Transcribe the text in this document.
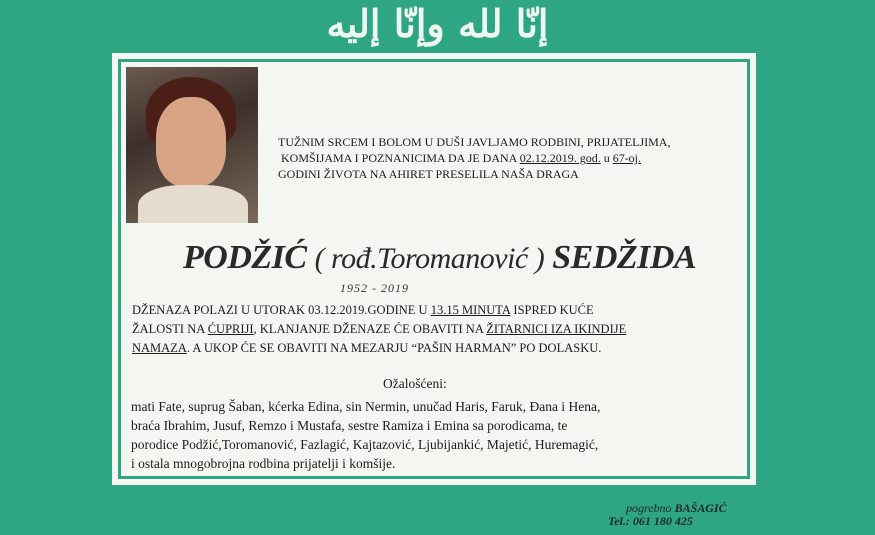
إنّا لله وإنّا إليه
TUŽNIM SRCEM I BOLOM U DUŠI JAVLJAMO RODBINI, PRIJATELJIMA,
KOMŠIJAMA I POZNANICIMA DA JE DANA 02.12.2019. god. u 67-oj.
GODINI ŽIVOTA NA AHIRET PRESELILA NAŠA DRAGA
PODŽIĆ ( rođ.Toromanović ) SEDŽIDA
1952 - 2019
DŽENAZA POLAZI U UTORAK 03.12.2019.GODINE U 13.15 MINUTA ISPRED KUĆE
ŽALOSTI NA ĆUPRIJI, KLANJANJE DŽENAZE ĆE OBAVITI NA ŽITARNICI IZA IKINDIJE
NAMAZA. A UKOP ĆE SE OBAVITI NA MEZARJU “PAŠIN HARMAN” PO DOLASKU.
Ožalošćeni:
mati Fate, suprug Šaban, kćerka Edina, sin Nermin, unučad Haris, Faruk, Đana i Hena,
braća Ibrahim, Jusuf, Remzo i Mustafa, sestre Ramiza i Emina sa porodicama, te
porodice Podžić,Toromanović, Fazlagić, Kajtazović, Ljubijankić, Majetić, Huremagić,
i ostala mnogobrojna rodbina prijatelji i komšije.
pogrebno BAŠAGIĆ
Tel.: 061 180 425
